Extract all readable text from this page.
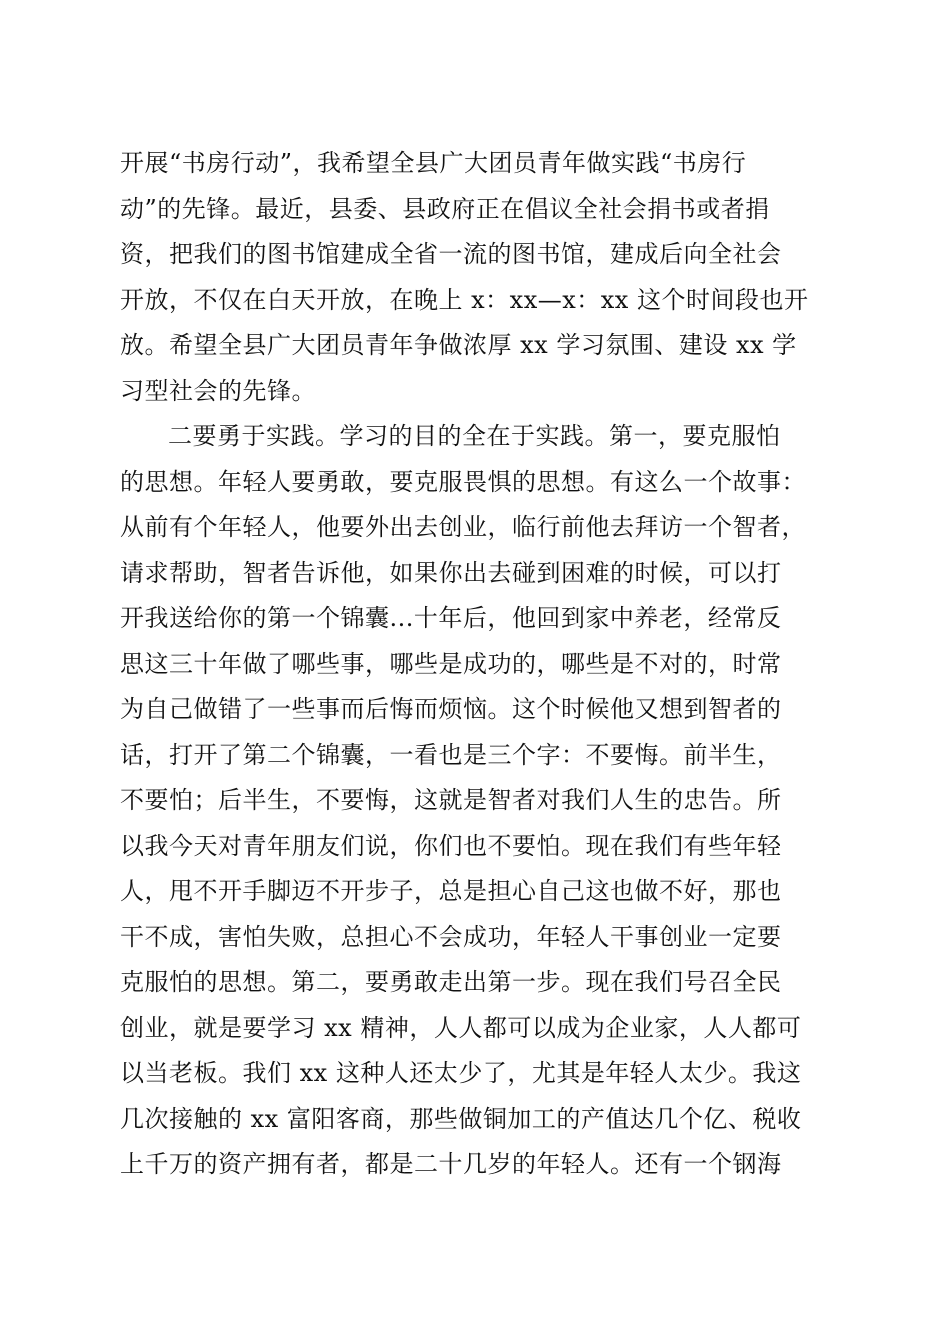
开展“书房行动”，我希望全县广大团员青年做实践“书房行
动”的先锋。最近，县委、县政府正在倡议全社会捐书或者捐
资，把我们的图书馆建成全省一流的图书馆，建成后向全社会
开放，不仅在白天开放，在晚上 x：xx—x：xx 这个时间段也开
放。希望全县广大团员青年争做浓厚 xx 学习氛围、建设 xx 学
习型社会的先锋。
二要勇于实践。学习的目的全在于实践。第一，要克服怕
的思想。年轻人要勇敢，要克服畏惧的思想。有这么一个故事：
从前有个年轻人，他要外出去创业，临行前他去拜访一个智者，
请求帮助，智者告诉他，如果你出去碰到困难的时候，可以打
开我送给你的第一个锦囊...十年后，他回到家中养老，经常反
思这三十年做了哪些事，哪些是成功的，哪些是不对的，时常
为自己做错了一些事而后悔而烦恼。这个时候他又想到智者的
话，打开了第二个锦囊，一看也是三个字：不要悔。前半生，
不要怕；后半生，不要悔，这就是智者对我们人生的忠告。所
以我今天对青年朋友们说，你们也不要怕。现在我们有些年轻
人，甩不开手脚迈不开步子，总是担心自己这也做不好，那也
干不成，害怕失败，总担心不会成功，年轻人干事创业一定要
克服怕的思想。第二，要勇敢走出第一步。现在我们号召全民
创业，就是要学习 xx 精神，人人都可以成为企业家，人人都可
以当老板。我们 xx 这种人还太少了，尤其是年轻人太少。我这
几次接触的 xx 富阳客商，那些做铜加工的产值达几个亿、税收
上千万的资产拥有者，都是二十几岁的年轻人。还有一个钢海
